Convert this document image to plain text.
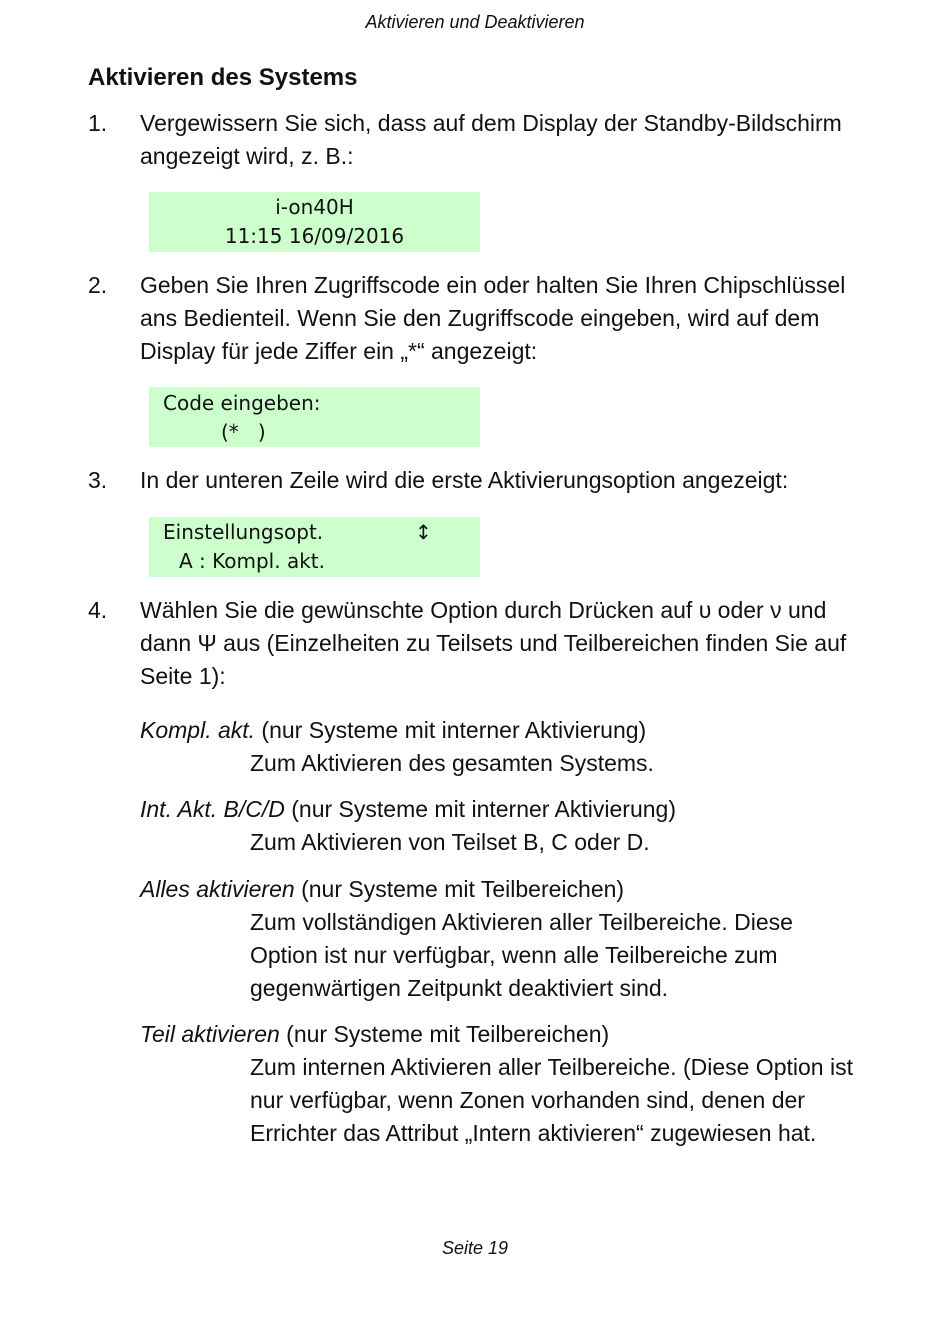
Aktivieren und Deaktivieren
Aktivieren des Systems
1. Vergewissern Sie sich, dass auf dem Display der Standby-Bildschirm angezeigt wird, z. B.:
i-on40H
11:15 16/09/2016
2. Geben Sie Ihren Zugriffscode ein oder halten Sie Ihren Chipschlüssel ans Bedienteil. Wenn Sie den Zugriffscode eingeben, wird auf dem Display für jede Ziffer ein „*“ angezeigt:
Code eingeben:
(*   )
3. In der unteren Zeile wird die erste Aktivierungsoption angezeigt:
Einstellungsopt.	↕
A : Kompl. akt.
4. Wählen Sie die gewünschte Option durch Drücken auf υ oder ν und dann Ψ aus (Einzelheiten zu Teilsets und Teilbereichen finden Sie auf Seite 1):
Kompl. akt. (nur Systeme mit interner Aktivierung)
Zum Aktivieren des gesamten Systems.
Int. Akt. B/C/D (nur Systeme mit interner Aktivierung)
Zum Aktivieren von Teilset B, C oder D.
Alles aktivieren (nur Systeme mit Teilbereichen)
Zum vollständigen Aktivieren aller Teilbereiche. Diese Option ist nur verfügbar, wenn alle Teilbereiche zum gegenwärtigen Zeitpunkt deaktiviert sind.
Teil aktivieren (nur Systeme mit Teilbereichen)
Zum internen Aktivieren aller Teilbereiche. (Diese Option ist nur verfügbar, wenn Zonen vorhanden sind, denen der Errichter das Attribut „Intern aktivieren“ zugewiesen hat.
Seite 19
